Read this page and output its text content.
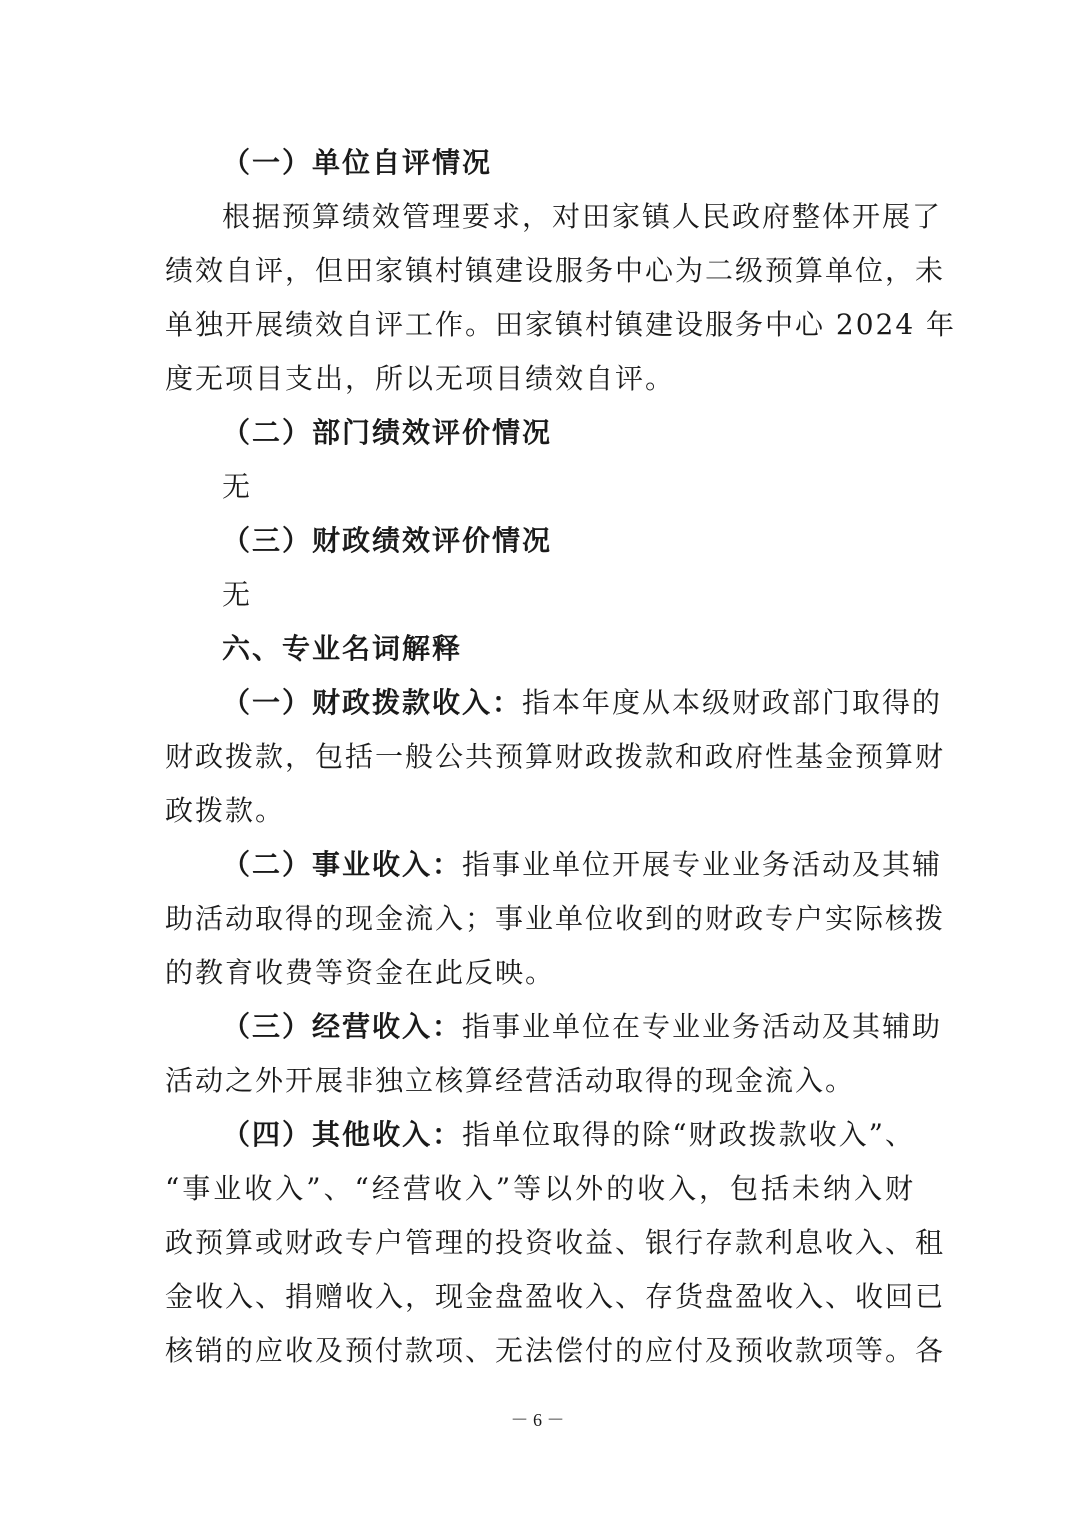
（一）单位自评情况
根据预算绩效管理要求，对田家镇人民政府整体开展了
绩效自评，但田家镇村镇建设服务中心为二级预算单位，未
单独开展绩效自评工作。田家镇村镇建设服务中心 2024 年
度无项目支出，所以无项目绩效自评。
（二）部门绩效评价情况
无
（三）财政绩效评价情况
无
六、专业名词解释
（一）财政拨款收入：指本年度从本级财政部门取得的
财政拨款，包括一般公共预算财政拨款和政府性基金预算财
政拨款。
（二）事业收入：指事业单位开展专业业务活动及其辅
助活动取得的现金流入；事业单位收到的财政专户实际核拨
的教育收费等资金在此反映。
（三）经营收入：指事业单位在专业业务活动及其辅助
活动之外开展非独立核算经营活动取得的现金流入。
（四）其他收入：指单位取得的除“财政拨款收入”、
“事业收入”、“经营收入”等以外的收入，包括未纳入财
政预算或财政专户管理的投资收益、银行存款利息收入、租
金收入、捐赠收入，现金盘盈收入、存货盘盈收入、收回已
核销的应收及预付款项、无法偿付的应付及预收款项等。各
－ 6 －
